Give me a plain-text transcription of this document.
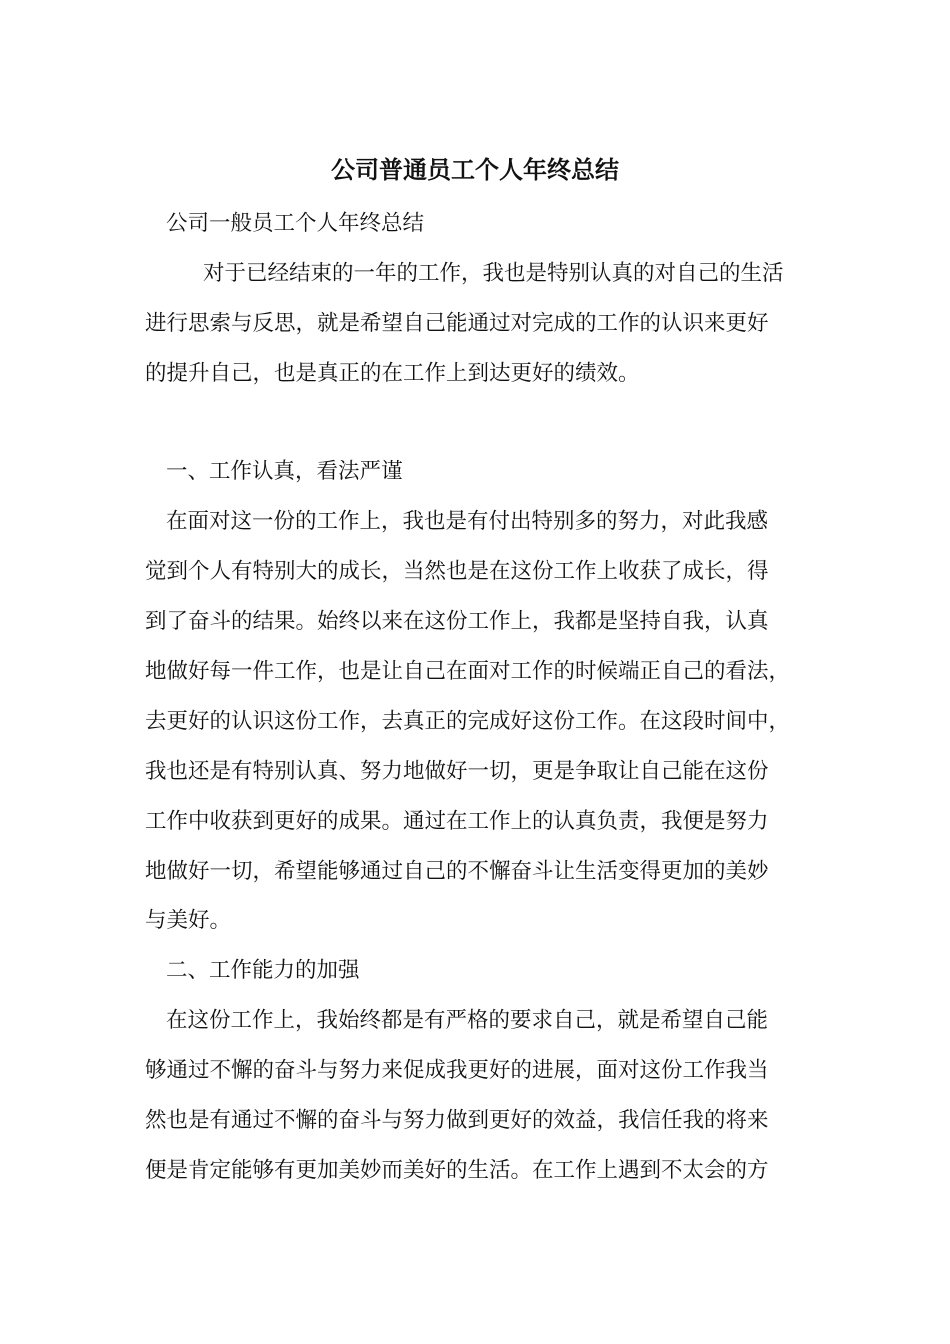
公司普通员工个人年终总结

公司一般员工个人年终总结

对于已经结束的一年的工作，我也是特别认真的对自己的生活

进行思索与反思，就是希望自己能通过对完成的工作的认识来更好

的提升自己，也是真正的在工作上到达更好的绩效。

一、工作认真，看法严谨

在面对这一份的工作上，我也是有付出特别多的努力，对此我感

觉到个人有特别大的成长，当然也是在这份工作上收获了成长，得

到了奋斗的结果。始终以来在这份工作上，我都是坚持自我，认真

地做好每一件工作，也是让自己在面对工作的时候端正自己的看法，

去更好的认识这份工作，去真正的完成好这份工作。在这段时间中，

我也还是有特别认真、努力地做好一切，更是争取让自己能在这份

工作中收获到更好的成果。通过在工作上的认真负责，我便是努力

地做好一切，希望能够通过自己的不懈奋斗让生活变得更加的美妙

与美好。

二、工作能力的加强

在这份工作上，我始终都是有严格的要求自己，就是希望自己能

够通过不懈的奋斗与努力来促成我更好的进展，面对这份工作我当

然也是有通过不懈的奋斗与努力做到更好的效益，我信任我的将来

便是肯定能够有更加美妙而美好的生活。在工作上遇到不太会的方
